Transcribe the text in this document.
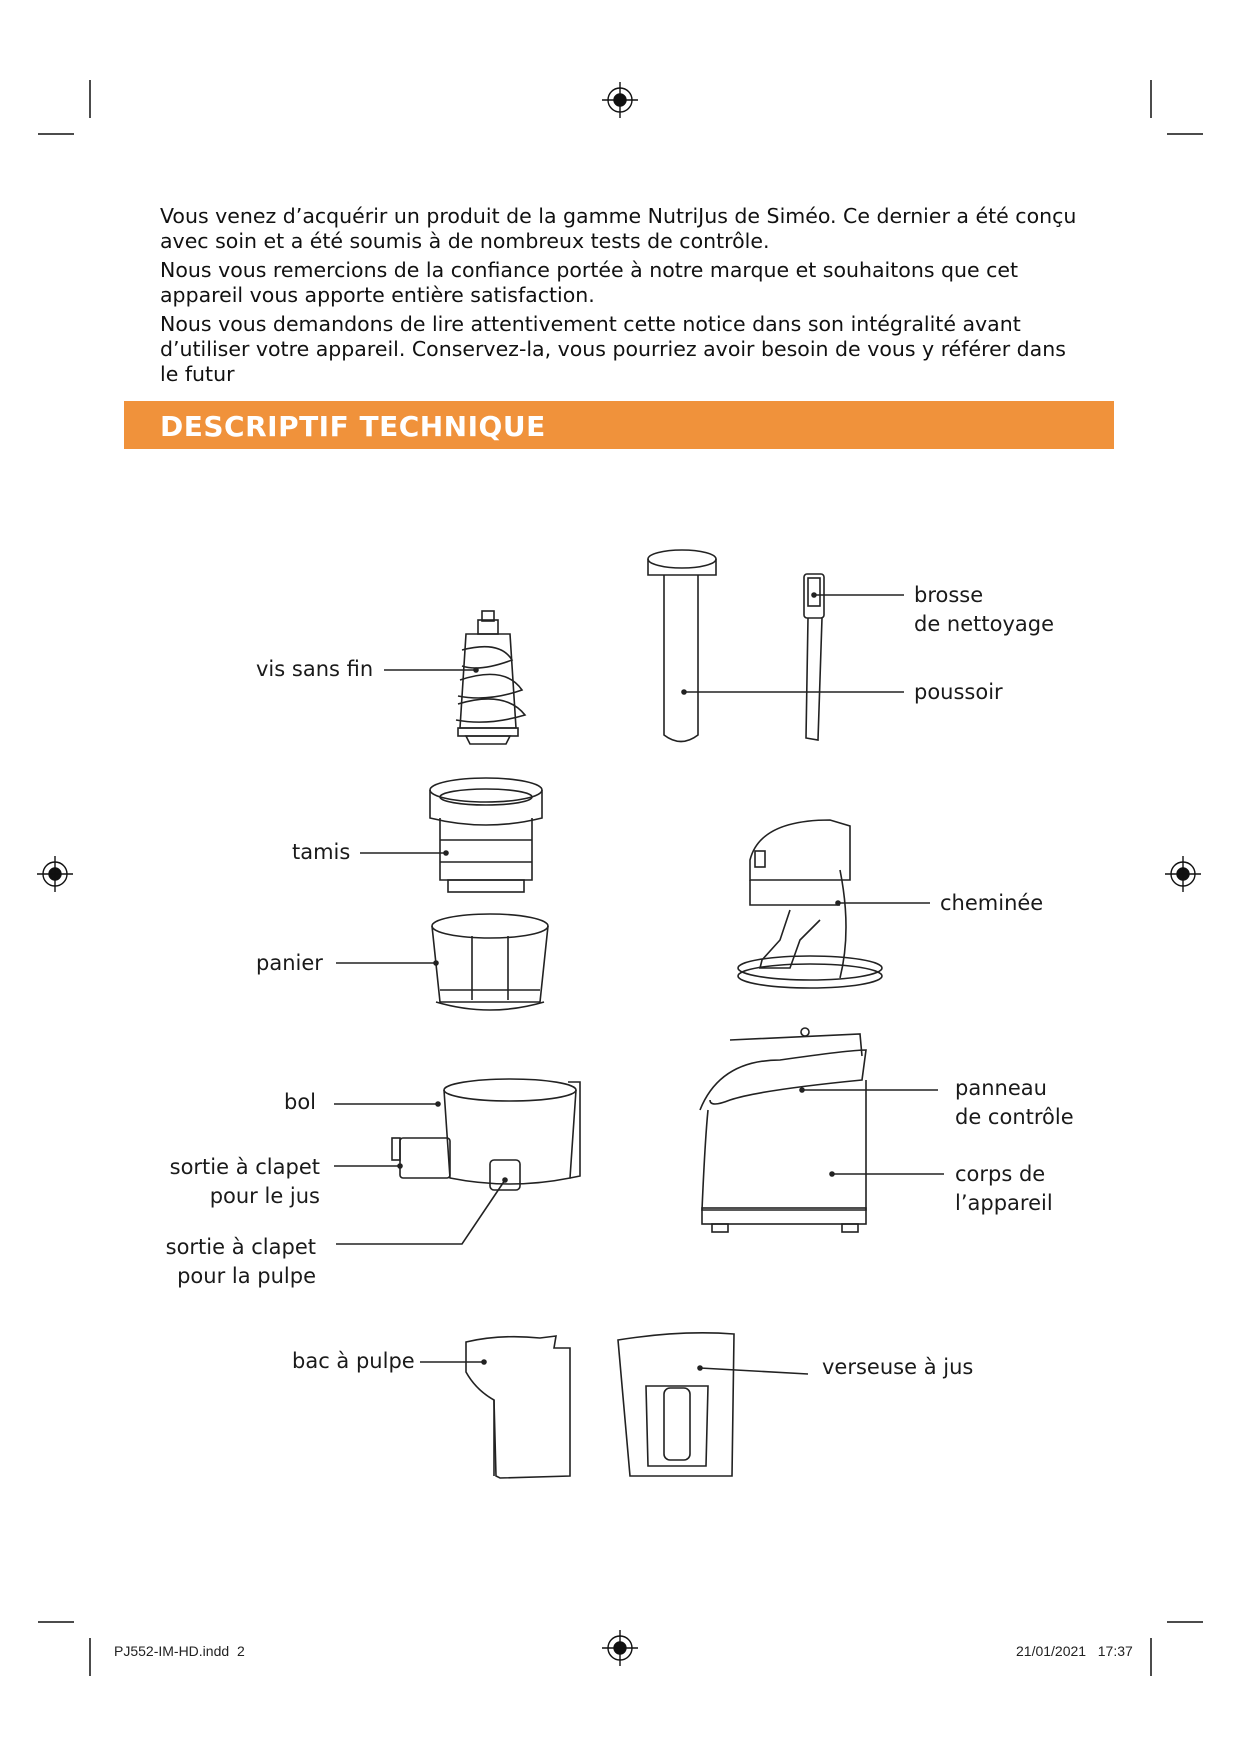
Vous venez d’acquérir un produit de la gamme NutriJus de Siméo. Ce dernier a été conçu avec soin et a été soumis à de nombreux tests de contrôle.

Nous vous remercions de la confiance portée à notre marque et souhaitons que cet appareil vous apporte entière satisfaction.

Nous vous demandons de lire attentivement cette notice dans son intégralité avant d’utiliser votre appareil. Conservez-la, vous pourriez avoir besoin de vous y référer dans le futur

DESCRIPTIF TECHNIQUE
vis sans fin
brosse
de nettoyage
poussoir
tamis
cheminée
panier
bol
panneau
de contrôle
sortie à clapet
pour le jus
corps de
l’appareil
sortie à clapet
pour la pulpe
bac à pulpe	verseuse à jus
PJ552-IM-HD.indd 2	21/01/2021 17:37
